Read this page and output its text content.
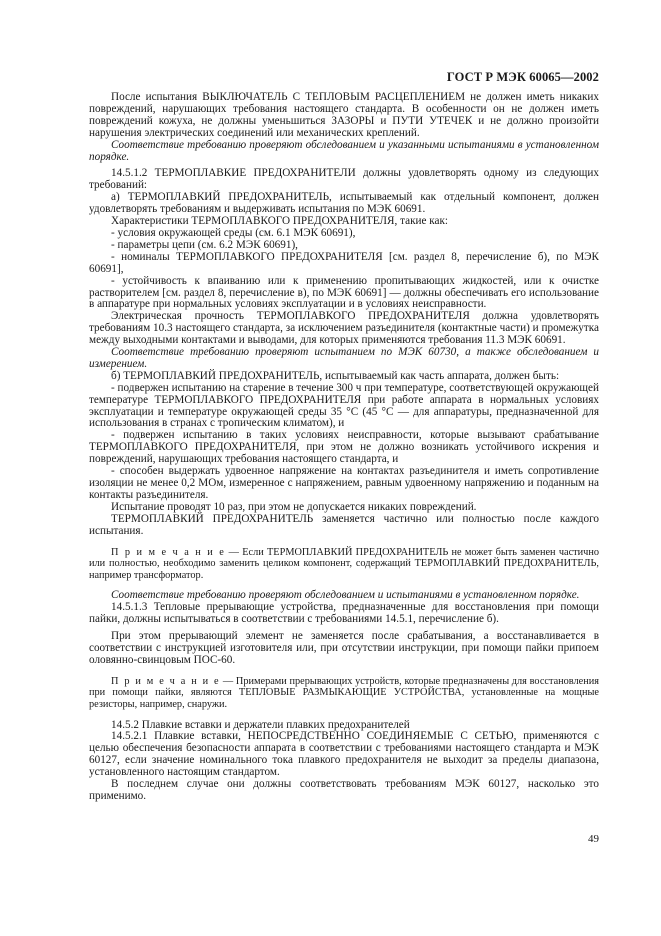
ГОСТ Р МЭК 60065—2002

После испытания ВЫКЛЮЧАТЕЛЬ С ТЕПЛОВЫМ РАСЦЕПЛЕНИЕМ не должен иметь никаких повреждений, нарушающих требования настоящего стандарта. В особенности он не должен иметь повреждений кожуха, не должны уменьшиться ЗАЗОРЫ и ПУТИ УТЕЧЕК и не должно произойти нарушения электрических соединений или механических креплений.

Соответствие требованию проверяют обследованием и указанными испытаниями в установленном порядке.

14.5.1.2 ТЕРМОПЛАВКИЕ ПРЕДОХРАНИТЕЛИ должны удовлетворять одному из следующих требований:

а) ТЕРМОПЛАВКИЙ ПРЕДОХРАНИТЕЛЬ, испытываемый как отдельный компонент, должен удовлетворять требованиям и выдерживать испытания по МЭК 60691.

Характеристики ТЕРМОПЛАВКОГО ПРЕДОХРАНИТЕЛЯ, такие как:

- условия окружающей среды (см. 6.1 МЭК 60691),

- параметры цепи (см. 6.2 МЭК 60691),

- номиналы ТЕРМОПЛАВКОГО ПРЕДОХРАНИТЕЛЯ [см. раздел 8, перечисление б), по МЭК 60691],

- устойчивость к впаиванию или к применению пропитывающих жидкостей, или к очистке растворителем [см. раздел 8, перечисление в), по МЭК 60691] — должны обеспечивать его использование в аппаратуре при нормальных условиях эксплуатации и в условиях неисправности.

Электрическая прочность ТЕРМОПЛАВКОГО ПРЕДОХРАНИТЕЛЯ должна удовлетворять требованиям 10.3 настоящего стандарта, за исключением разъединителя (контактные части) и промежутка между выходными контактами и выводами, для которых применяются требования 11.3 МЭК 60691.

Соответствие требованию проверяют испытанием по МЭК 60730, а также обследованием и измерением.

б) ТЕРМОПЛАВКИЙ ПРЕДОХРАНИТЕЛЬ, испытываемый как часть аппарата, должен быть:

- подвержен испытанию на старение в течение 300 ч при температуре, соответствующей окружающей температуре ТЕРМОПЛАВКОГО ПРЕДОХРАНИТЕЛЯ при работе аппарата в нормальных условиях эксплуатации и температуре окружающей среды 35 °С (45 °С — для аппаратуры, предназначенной для использования в странах с тропическим климатом), и

- подвержен испытанию в таких условиях неисправности, которые вызывают срабатывание ТЕРМОПЛАВКОГО ПРЕДОХРАНИТЕЛЯ, при этом не должно возникать устойчивого искрения и повреждений, нарушающих требования настоящего стандарта, и

- способен выдержать удвоенное напряжение на контактах разъединителя и иметь сопротивление изоляции не менее 0,2 МОм, измеренное с напряжением, равным удвоенному напряжению и поданным на контакты разъединителя.

Испытание проводят 10 раз, при этом не допускается никаких повреждений.

ТЕРМОПЛАВКИЙ ПРЕДОХРАНИТЕЛЬ заменяется частично или полностью после каждого испытания.

П р и м е ч а н и е — Если ТЕРМОПЛАВКИЙ ПРЕДОХРАНИТЕЛЬ не может быть заменен частично или полностью, необходимо заменить целиком компонент, содержащий ТЕРМОПЛАВКИЙ ПРЕДОХРАНИТЕЛЬ, например трансформатор.

Соответствие требованию проверяют обследованием и испытаниями в установленном порядке.

14.5.1.3 Тепловые прерывающие устройства, предназначенные для восстановления при помощи пайки, должны испытываться в соответствии с требованиями 14.5.1, перечисление б).

При этом прерывающий элемент не заменяется после срабатывания, а восстанавливается в соответствии с инструкцией изготовителя или, при отсутствии инструкции, при помощи пайки припоем оловянно-свинцовым ПОС-60.

П р и м е ч а н и е — Примерами прерывающих устройств, которые предназначены для восстановления при помощи пайки, являются ТЕПЛОВЫЕ РАЗМЫКАЮЩИЕ УСТРОЙСТВА, установленные на мощные резисторы, например, снаружи.

14.5.2 Плавкие вставки и держатели плавких предохранителей

14.5.2.1 Плавкие вставки, НЕПОСРЕДСТВЕННО СОЕДИНЯЕМЫЕ С СЕТЬЮ, применяются с целью обеспечения безопасности аппарата в соответствии с требованиями настоящего стандарта и МЭК 60127, если значение номинального тока плавкого предохранителя не выходит за пределы диапазона, установленного настоящим стандартом.

В последнем случае они должны соответствовать требованиям МЭК 60127, насколько это применимо.

49
